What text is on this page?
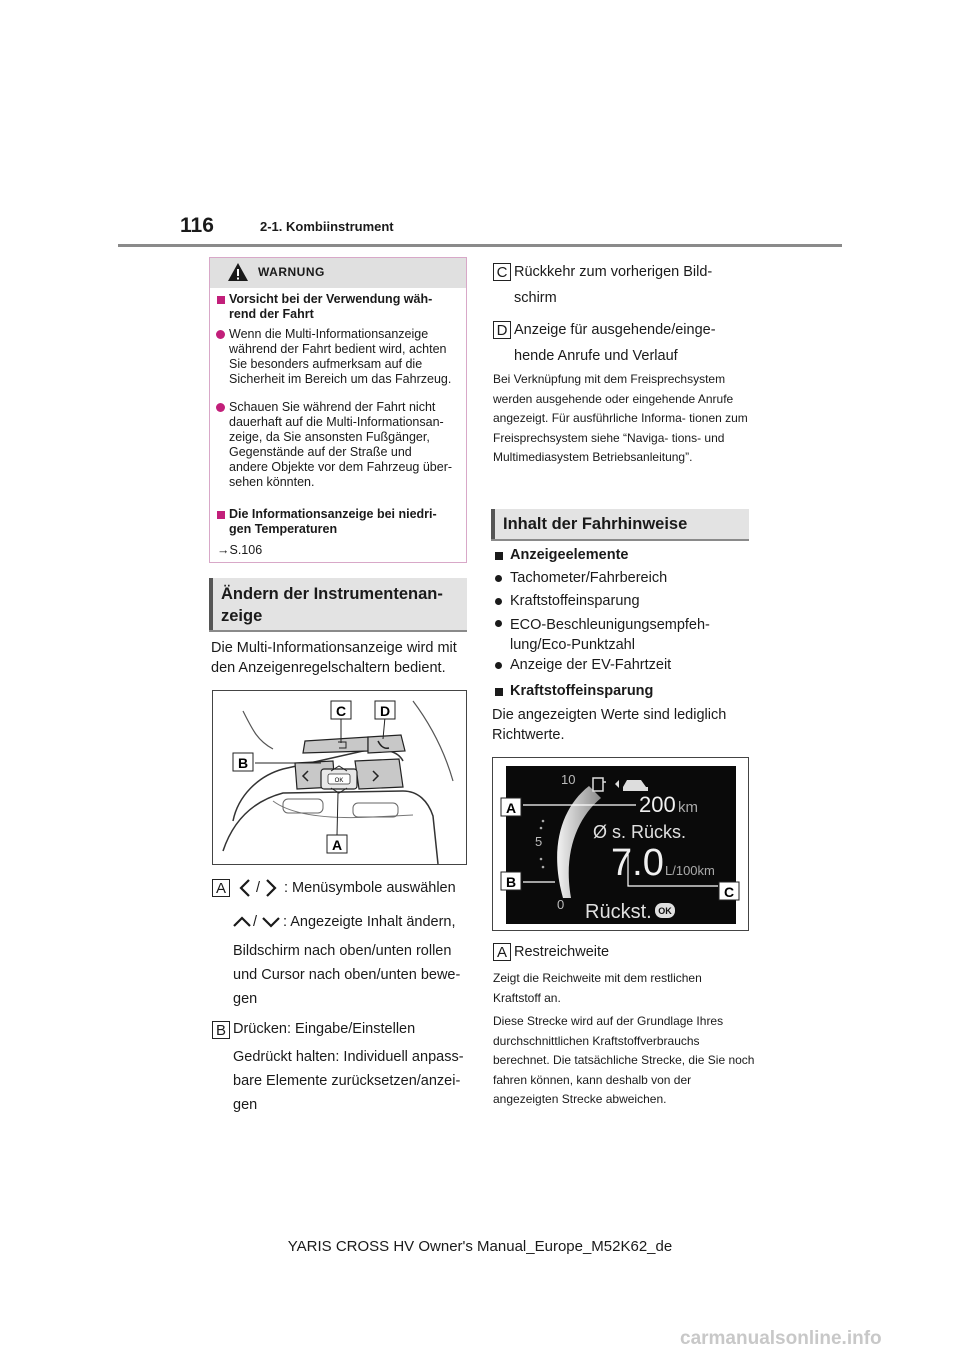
116	2-1. Kombiinstrument
WARNUNG
Vorsicht bei der Verwendung wäh- rend der Fahrt
Wenn die Multi-Informationsanzeige während der Fahrt bedient wird, achten Sie besonders aufmerksam auf die Sicherheit im Bereich um das Fahrzeug.
Schauen Sie während der Fahrt nicht dauerhaft auf die Multi-Informationsan- zeige, da Sie ansonsten Fußgänger, Gegenstände auf der Straße und andere Objekte vor dem Fahrzeug über- sehen könnten.
Die Informationsanzeige bei niedri- gen Temperaturen
→S.106
Ändern der Instrumentenan-
zeige
Die Multi-Informationsanzeige wird mit den Anzeigenregelschaltern bedient.
OK
C D
B
A
A / : Menüsymbole auswählen
/ : Angezeigte Inhalt ändern,
Bildschirm nach oben/unten rollen
und Cursor nach oben/unten bewe-
gen
B Drücken: Eingabe/Einstellen
Gedrückt halten: Individuell anpass-
bare Elemente zurücksetzen/anzei-
gen
C Rückkehr zum vorherigen Bild-
schirm
D Anzeige für ausgehende/einge-
hende Anrufe und Verlauf
Bei Verknüpfung mit dem Freisprechsystem werden ausgehende oder eingehende Anrufe angezeigt. Für ausführliche Informa- tionen zum Freisprechsystem siehe “Naviga- tions- und Multimediasystem Betriebsanleitung”.
Inhalt der Fahrhinweise
Anzeigeelemente
Tachometer/Fahrbereich
Kraftstoffeinsparung
ECO-Beschleunigungsempfeh- lung/Eco-Punktzahl
Anzeige der EV-Fahrtzeit
Kraftstoffeinsparung
Die angezeigten Werte sind lediglich Richtwerte.
10
5
0
200 km
Ø s. Rücks.
7.0 L/100km
Rückst. OK
A
B
C
A Restreichweite
Zeigt die Reichweite mit dem restlichen Kraftstoff an.
Diese Strecke wird auf der Grundlage Ihres durchschnittlichen Kraftstoffverbrauchs berechnet. Die tatsächliche Strecke, die Sie noch fahren können, kann deshalb von der angezeigten Strecke abweichen.
YARIS CROSS HV Owner's Manual_Europe_M52K62_de
carmanualsonline.info
